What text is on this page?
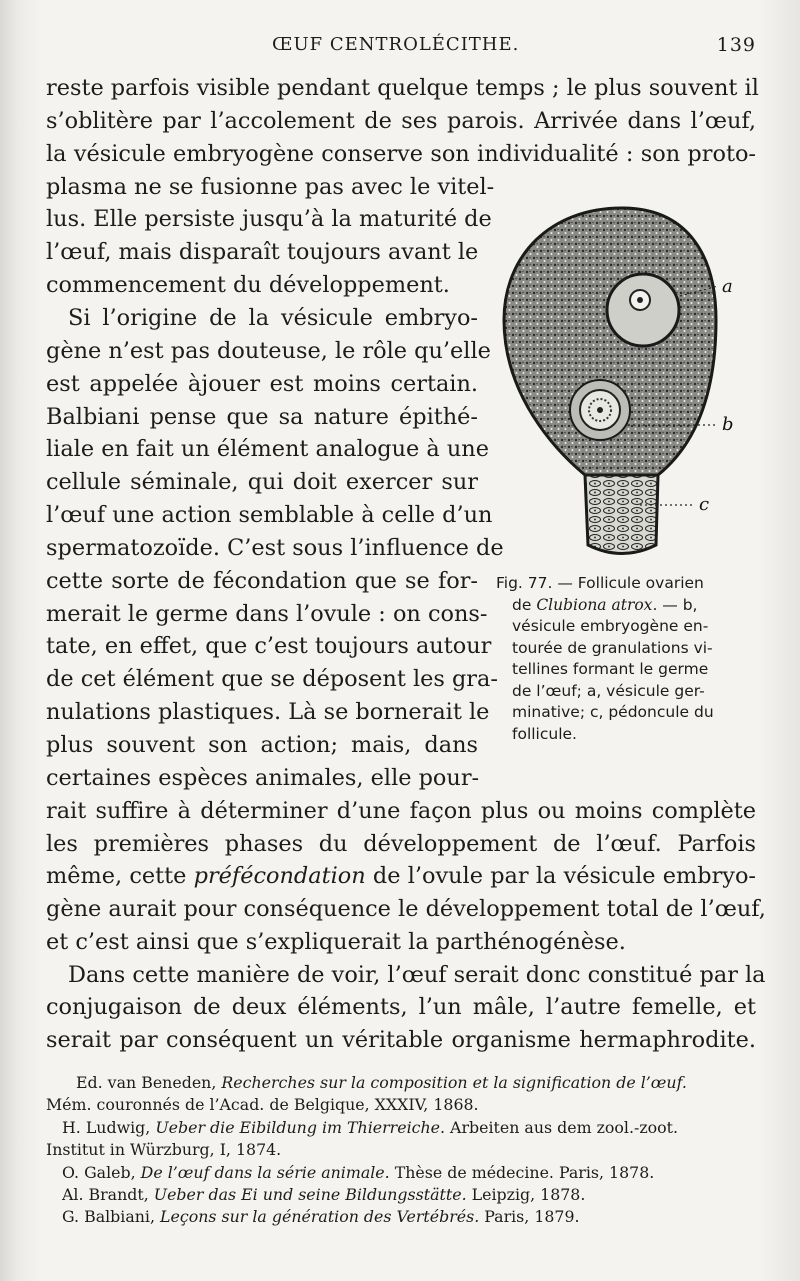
ŒUF CENTROLÉCITHE.	139
reste parfois visible pendant quelque temps ; le plus souvent il
s’oblitère par l’accolement de ses parois. Arrivée dans l’œuf,
la vésicule embryogène conserve son individualité : son proto-
plasma ne se fusionne pas avec le vitel-
lus. Elle persiste jusqu’à la maturité de
l’œuf, mais disparaît toujours avant le
commencement du développement.
Si l’origine de la vésicule embryo-
gène n’est pas douteuse, le rôle qu’elle
est appelée àjouer est moins certain.
Balbiani pense que sa nature épithé-
liale en fait un élément analogue à une
cellule séminale, qui doit exercer sur
l’œuf une action semblable à celle d’un
spermatozoïde. C’est sous l’influence de
cette sorte de fécondation que se for-
merait le germe dans l’ovule : on cons-
tate, en effet, que c’est toujours autour
de cet élément que se déposent les gra-
nulations plastiques. Là se bornerait le
plus souvent son action; mais, dans
certaines espèces animales, elle pour-
rait suffire à déterminer d’une façon plus ou moins complète
les premières phases du développement de l’œuf. Parfois
même, cette préfécondation de l’ovule par la vésicule embryo-
gène aurait pour conséquence le développement total de l’œuf,
et c’est ainsi que s’expliquerait la parthénogénèse.
Dans cette manière de voir, l’œuf serait donc constitué par la
conjugaison de deux éléments, l’un mâle, l’autre femelle, et
serait par conséquent un véritable organisme hermaphrodite.
a
b
c
Fig. 77. — Follicule ovarien
de Clubiona atrox. — b,
vésicule embryogène en-
tourée de granulations vi-
tellines formant le germe
de l’œuf; a, vésicule ger-
minative; c, pédoncule du
follicule.
Ed. van Beneden, Recherches sur la composition et la signification de l’œuf.
Mém. couronnés de l’Acad. de Belgique, XXXIV, 1868.
H. Ludwig, Ueber die Eibildung im Thierreiche. Arbeiten aus dem zool.-zoot.
Institut in Würzburg, I, 1874.
O. Galeb, De l’œuf dans la série animale. Thèse de médecine. Paris, 1878.
Al. Brandt, Ueber das Ei und seine Bildungsstätte. Leipzig, 1878.
G. Balbiani, Leçons sur la génération des Vertébrés. Paris, 1879.
